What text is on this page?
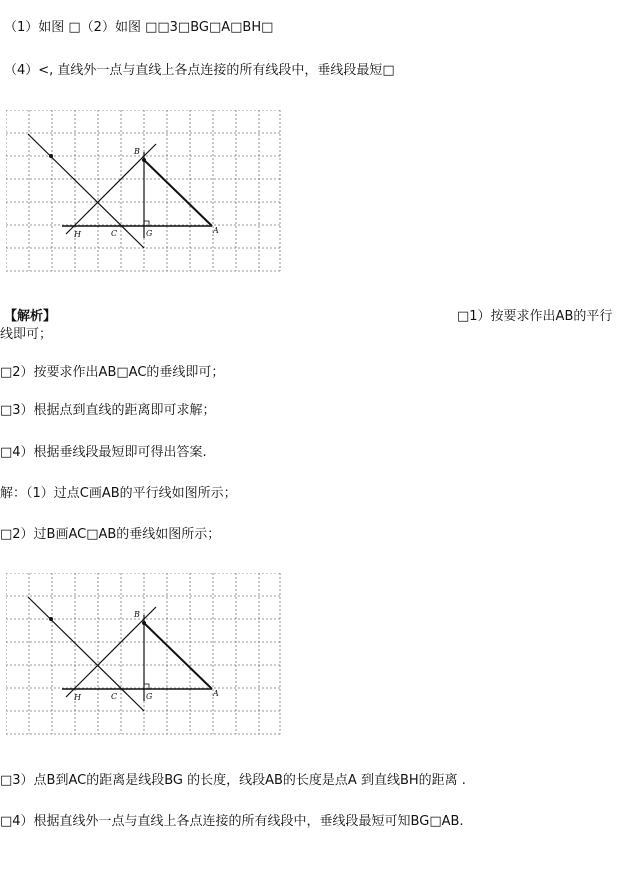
（1）如图 □（2）如图 □□3□BG□A□BH□
（4）<, 直线外一点与直线上各点连接的所有线段中，垂线段最短□
B
H	C	G	A
【解析】	□1）按要求作出AB的平行
线即可；
□2）按要求作出AB□AC的垂线即可；
□3）根据点到直线的距离即可求解；
□4）根据垂线段最短即可得出答案.
解：（1）过点C画AB的平行线如图所示；
□2）过B画AC□AB的垂线如图所示；
B
H	C	G	A
□3）点B到AC的距离是线段BG 的长度，线段AB的长度是点A 到直线BH的距离 .
□4）根据直线外一点与直线上各点连接的所有线段中，垂线段最短可知BG□AB.
